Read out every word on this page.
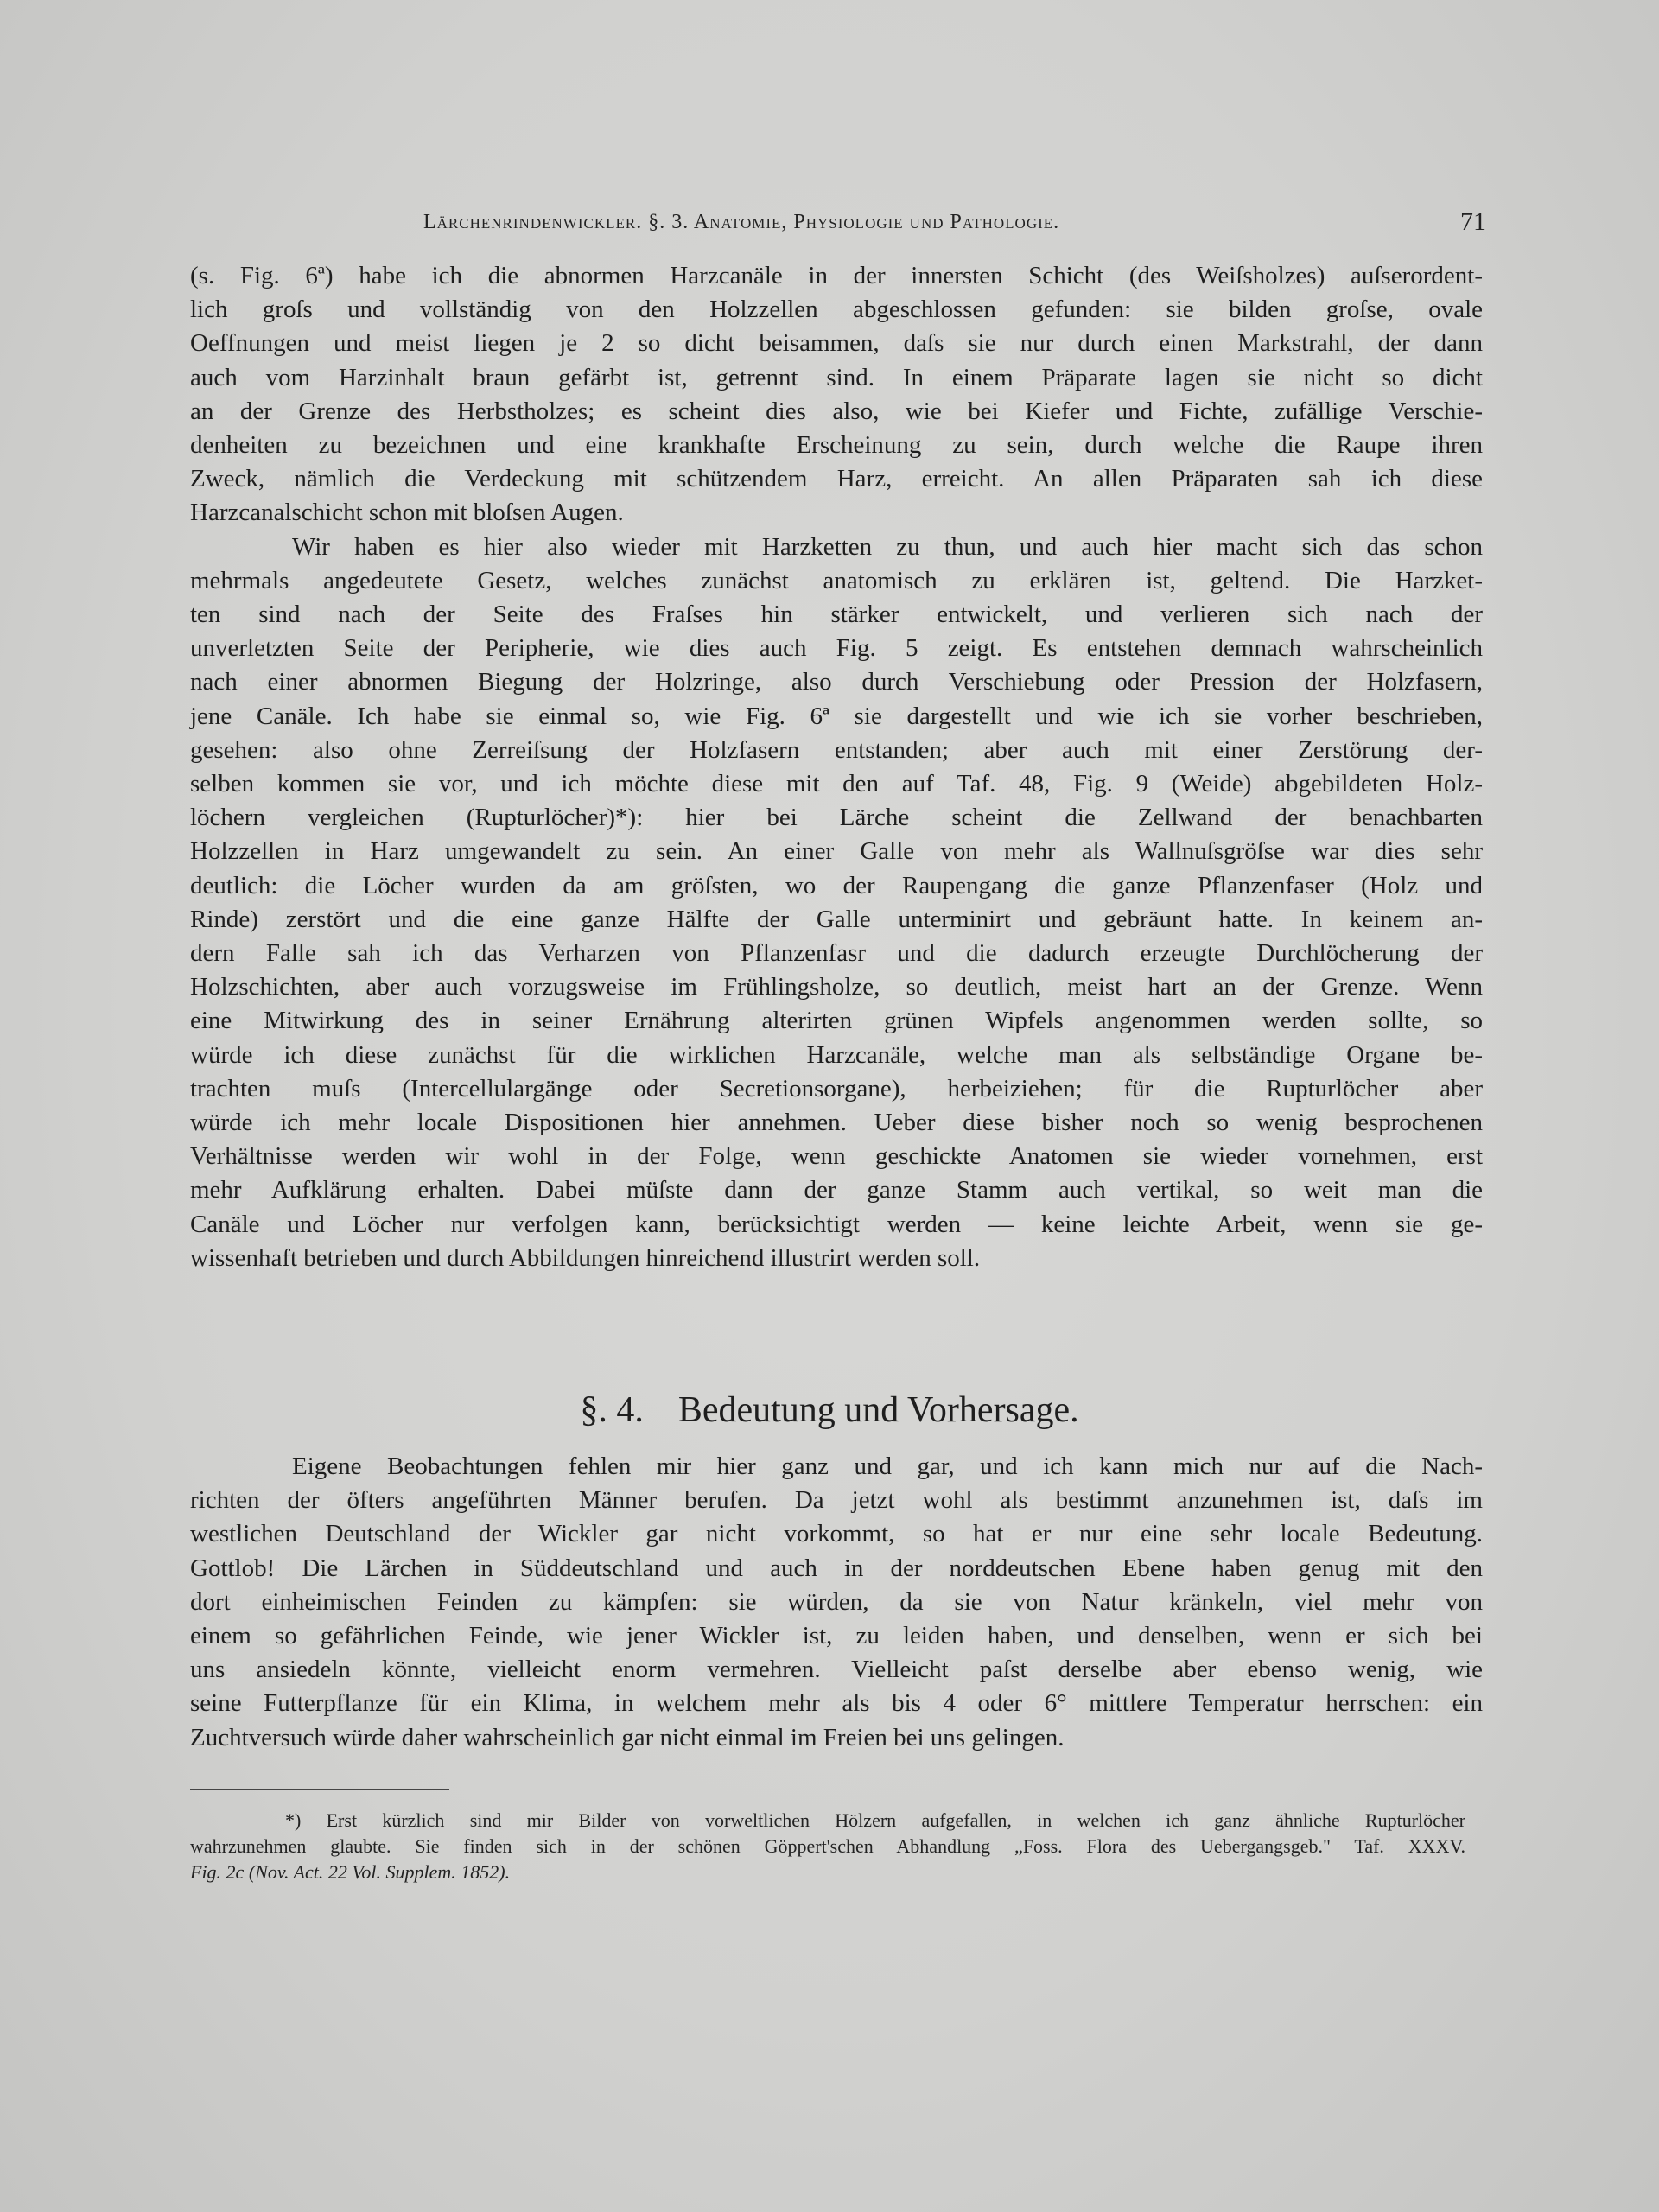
Lärchenrindenwickler. §. 3. Anatomie, Physiologie und Pathologie.	71
(s. Fig. 6ª) habe ich die abnormen Harzcanäle in der innersten Schicht (des Weiſsholzes) auſserordent-
lich groſs und vollständig von den Holzzellen abgeschlossen gefunden: sie bilden groſse, ovale
Oeffnungen und meist liegen je 2 so dicht beisammen, daſs sie nur durch einen Markstrahl, der dann
auch vom Harzinhalt braun gefärbt ist, getrennt sind. In einem Präparate lagen sie nicht so dicht
an der Grenze des Herbstholzes; es scheint dies also, wie bei Kiefer und Fichte, zufällige Verschie-
denheiten zu bezeichnen und eine krankhafte Erscheinung zu sein, durch welche die Raupe ihren
Zweck, nämlich die Verdeckung mit schützendem Harz, erreicht. An allen Präparaten sah ich diese
Harzcanalschicht schon mit bloſsen Augen.
Wir haben es hier also wieder mit Harzketten zu thun, und auch hier macht sich das schon
mehrmals angedeutete Gesetz, welches zunächst anatomisch zu erklären ist, geltend. Die Harzket-
ten sind nach der Seite des Fraſses hin stärker entwickelt, und verlieren sich nach der
unverletzten Seite der Peripherie, wie dies auch Fig. 5 zeigt. Es entstehen demnach wahrscheinlich
nach einer abnormen Biegung der Holzringe, also durch Verschiebung oder Pression der Holzfasern,
jene Canäle. Ich habe sie einmal so, wie Fig. 6ª sie dargestellt und wie ich sie vorher beschrieben,
gesehen: also ohne Zerreiſsung der Holzfasern entstanden; aber auch mit einer Zerstörung der-
selben kommen sie vor, und ich möchte diese mit den auf Taf. 48, Fig. 9 (Weide) abgebildeten Holz-
löchern vergleichen (Rupturlöcher)*): hier bei Lärche scheint die Zellwand der benachbarten
Holzzellen in Harz umgewandelt zu sein. An einer Galle von mehr als Wallnuſsgröſse war dies sehr
deutlich: die Löcher wurden da am gröſsten, wo der Raupengang die ganze Pflanzenfaser (Holz und
Rinde) zerstört und die eine ganze Hälfte der Galle unterminirt und gebräunt hatte. In keinem an-
dern Falle sah ich das Verharzen von Pflanzenfasr und die dadurch erzeugte Durchlöcherung der
Holzschichten, aber auch vorzugsweise im Frühlingsholze, so deutlich, meist hart an der Grenze. Wenn
eine Mitwirkung des in seiner Ernährung alterirten grünen Wipfels angenommen werden sollte, so
würde ich diese zunächst für die wirklichen Harzcanäle, welche man als selbständige Organe be-
trachten muſs (Intercellulargänge oder Secretionsorgane), herbeiziehen; für die Rupturlöcher aber
würde ich mehr locale Dispositionen hier annehmen. Ueber diese bisher noch so wenig besprochenen
Verhältnisse werden wir wohl in der Folge, wenn geschickte Anatomen sie wieder vornehmen, erst
mehr Aufklärung erhalten. Dabei müſste dann der ganze Stamm auch vertikal, so weit man die
Canäle und Löcher nur verfolgen kann, berücksichtigt werden — keine leichte Arbeit, wenn sie ge-
wissenhaft betrieben und durch Abbildungen hinreichend illustrirt werden soll.
§. 4. Bedeutung und Vorhersage.
Eigene Beobachtungen fehlen mir hier ganz und gar, und ich kann mich nur auf die Nach-
richten der öfters angeführten Männer berufen. Da jetzt wohl als bestimmt anzunehmen ist, daſs im
westlichen Deutschland der Wickler gar nicht vorkommt, so hat er nur eine sehr locale Bedeutung.
Gottlob! Die Lärchen in Süddeutschland und auch in der norddeutschen Ebene haben genug mit den
dort einheimischen Feinden zu kämpfen: sie würden, da sie von Natur kränkeln, viel mehr von
einem so gefährlichen Feinde, wie jener Wickler ist, zu leiden haben, und denselben, wenn er sich bei
uns ansiedeln könnte, vielleicht enorm vermehren. Vielleicht paſst derselbe aber ebenso wenig, wie
seine Futterpflanze für ein Klima, in welchem mehr als bis 4 oder 6° mittlere Temperatur herrschen: ein
Zuchtversuch würde daher wahrscheinlich gar nicht einmal im Freien bei uns gelingen.
*) Erst kürzlich sind mir Bilder von vorweltlichen Hölzern aufgefallen, in welchen ich ganz ähnliche Rupturlöcher
wahrzunehmen glaubte. Sie finden sich in der schönen Göppert'schen Abhandlung „Foss. Flora des Uebergangsgeb." Taf. XXXV.
Fig. 2c (Nov. Act. 22 Vol. Supplem. 1852).
